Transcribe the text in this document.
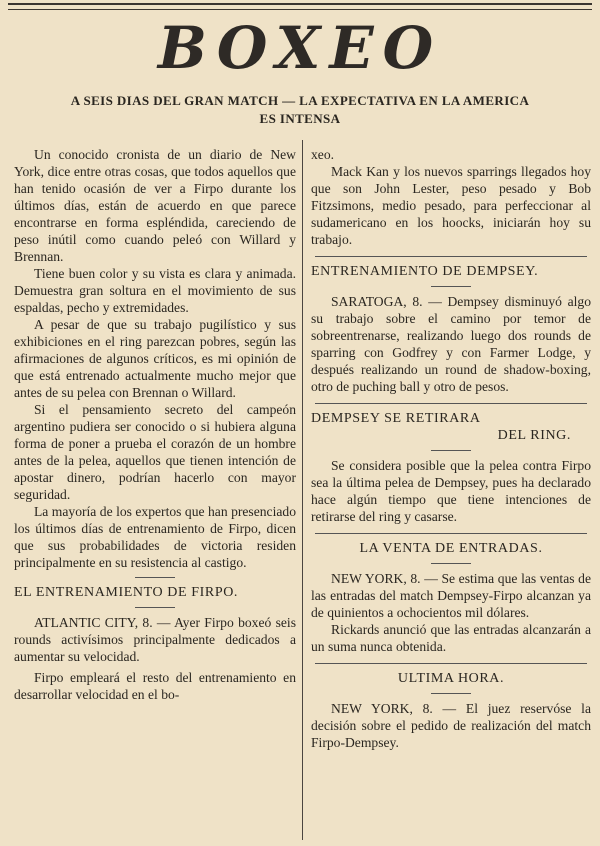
BOXEO
A SEIS DIAS DEL GRAN MATCH — LA EXPECTATIVA EN LA AMERICA
ES INTENSA

Un conocido cronista de un diario de New York, dice entre otras cosas, que todos aquellos que han tenido ocasión de ver a Firpo durante los últimos días, están de acuerdo en que parece encontrarse en forma espléndida, careciendo de peso inútil como cuando peleó con Willard y Brennan.

Tiene buen color y su vista es clara y animada. Demuestra gran soltura en el movimiento de sus espaldas, pecho y extremidades.

A pesar de que su trabajo pugilístico y sus exhibiciones en el ring parezcan pobres, según las afirmaciones de algunos críticos, es mi opinión de que está entrenado actualmente mucho mejor que antes de su pelea con Brennan o Willard.

Si el pensamiento secreto del campeón argentino pudiera ser conocido o si hubiera alguna forma de poner a prueba el corazón de un hombre antes de la pelea, aquellos que tienen intención de apostar dinero, podrían hacerlo con mayor seguridad.

La mayoría de los expertos que han presenciado los últimos días de entrenamiento de Firpo, dicen que sus probabilidades de victoria residen principalmente en su resistencia al castigo.

EL ENTRENAMIENTO DE FIRPO.

ATLANTIC CITY, 8. — Ayer Firpo boxeó seis rounds activísimos principalmente dedicados a aumentar su velocidad.

Firpo empleará el resto del entrenamiento en desarrollar velocidad en el bo-

xeo.

Mack Kan y los nuevos sparrings llegados hoy que son John Lester, peso pesado y Bob Fitzsimons, medio pesado, para perfeccionar al sudamericano en los hoocks, iniciarán hoy su trabajo.

ENTRENAMIENTO DE DEMPSEY.

SARATOGA, 8. — Dempsey disminuyó algo su trabajo sobre el camino por temor de sobreentrenarse, realizando luego dos rounds de sparring con Godfrey y con Farmer Lodge, y después realizando un round de shadow-boxing, otro de puching ball y otro de pesos.

DEMPSEY SE RETIRARA

DEL RING.

Se considera posible que la pelea contra Firpo sea la última pelea de Dempsey, pues ha declarado hace algún tiempo que tiene intenciones de retirarse del ring y casarse.

LA VENTA DE ENTRADAS.

NEW YORK, 8. — Se estima que las ventas de las entradas del match Dempsey-Firpo alcanzan ya de quinientos a ochocientos mil dólares.

Rickards anunció que las entradas alcanzarán a un suma nunca obtenida.

ULTIMA HORA.

NEW YORK, 8. — El juez reservóse la decisión sobre el pedido de realización del match Firpo-Dempsey.
